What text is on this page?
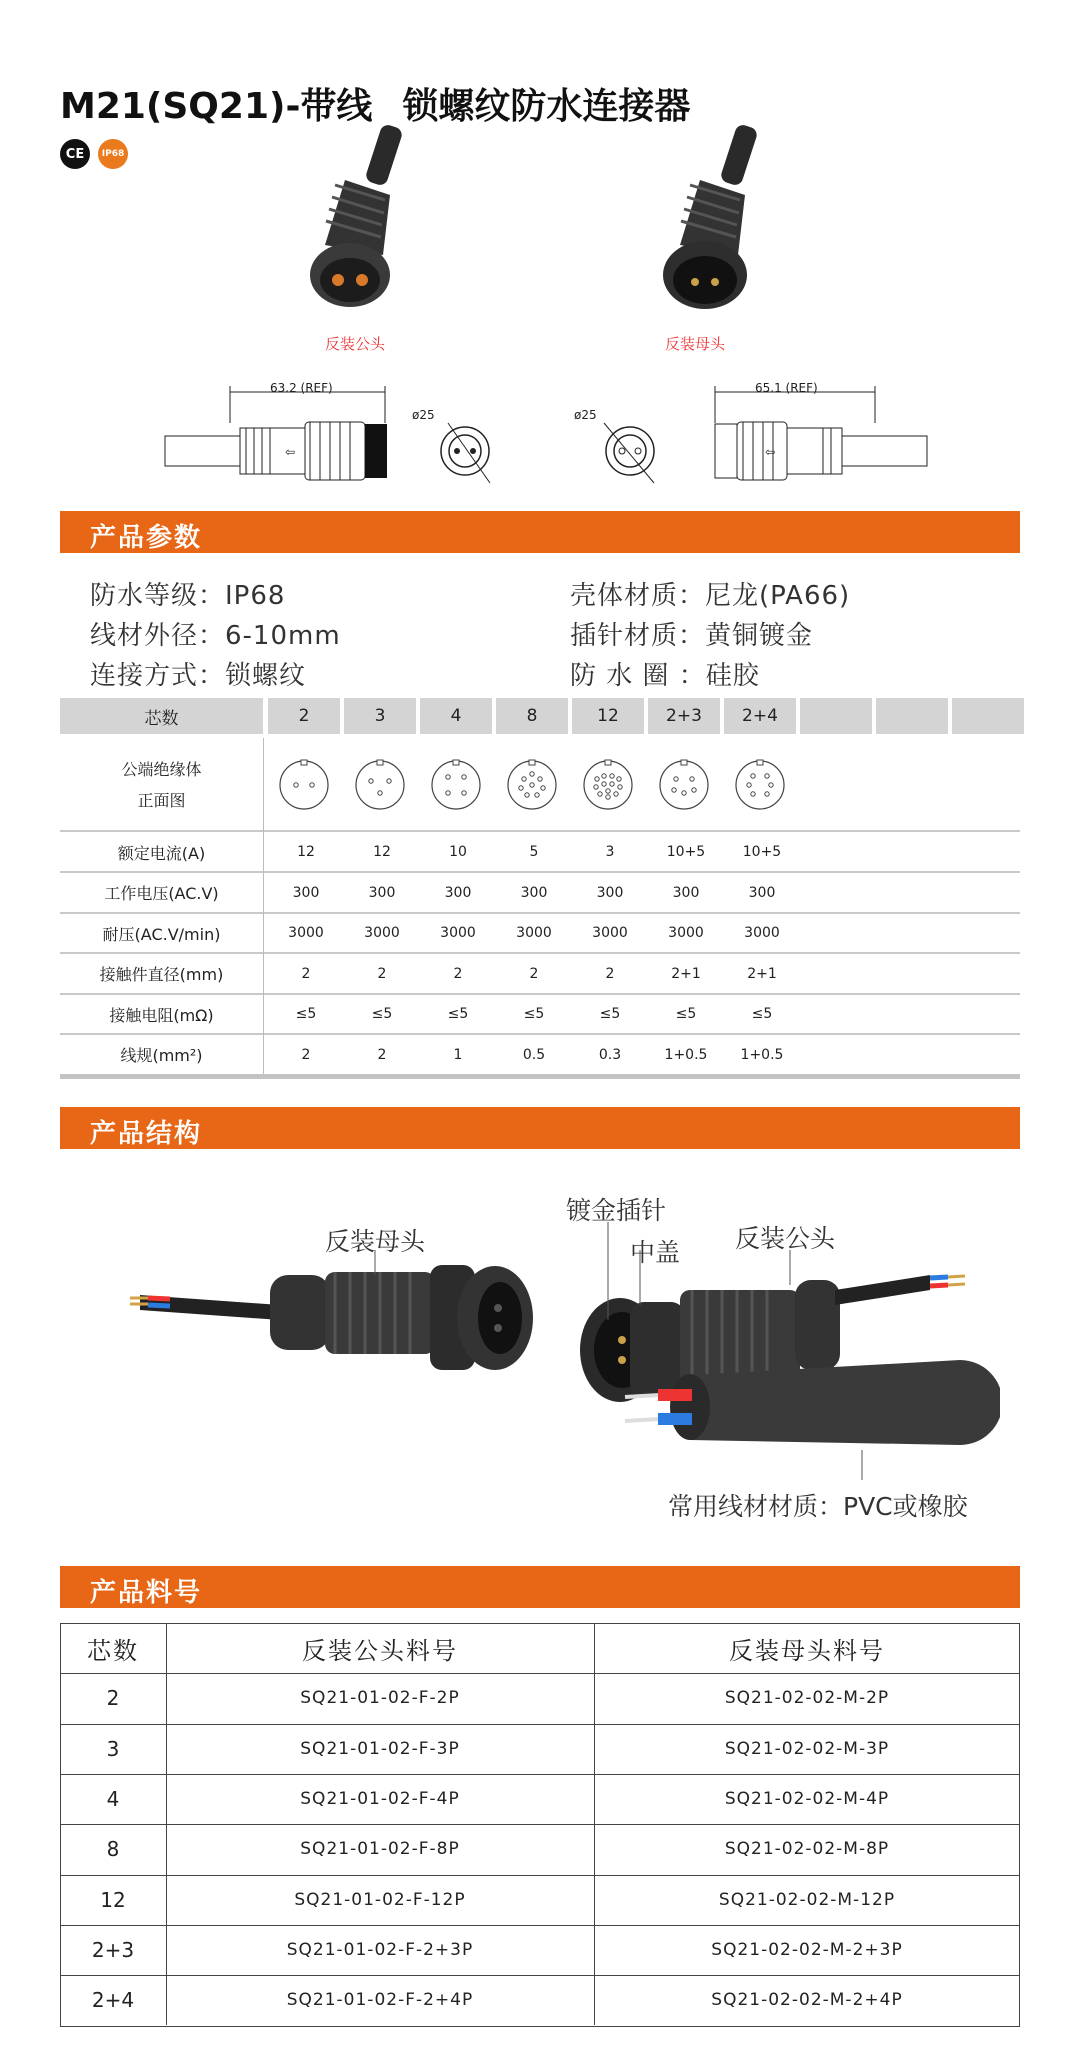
M21(SQ21)-带线 锁螺纹防水连接器
CE	IP68
反装公头	反装母头
⇦	⇦
63.2 (REF)
ø25	ø25
65.1 (REF)
产品参数
防水等级：IP68
线材外径：6-10mm
连接方式：锁螺纹
壳体材质：尼龙(PA66)
插针材质：黄铜镀金
防 水 圈 ：硅胶
芯数	2	3	4	8	12	2+3	2+4
公端绝缘体
正面图
额定电流(A)	12	12	10	5	3	10+5	10+5
工作电压(AC.V)	300	300	300	300	300	300	300
耐压(AC.V/min)	3000	3000	3000	3000	3000	3000	3000
接触件直径(mm)	2	2	2	2	2	2+1	2+1
接触电阻(mΩ)	≤5	≤5	≤5	≤5	≤5	≤5	≤5
线规(mm²)	2	2	1	0.5	0.3	1+0.5	1+0.5
产品结构
反装母头
镀金插针
中盖 反装公头
常用线材材质：PVC或橡胶
产品料号
芯数	反装公头料号	反装母头料号
2	SQ21-01-02-F-2P	SQ21-02-02-M-2P
3	SQ21-01-02-F-3P	SQ21-02-02-M-3P
4	SQ21-01-02-F-4P	SQ21-02-02-M-4P
8	SQ21-01-02-F-8P	SQ21-02-02-M-8P
12	SQ21-01-02-F-12P	SQ21-02-02-M-12P
2+3	SQ21-01-02-F-2+3P	SQ21-02-02-M-2+3P
2+4	SQ21-01-02-F-2+4P	SQ21-02-02-M-2+4P
